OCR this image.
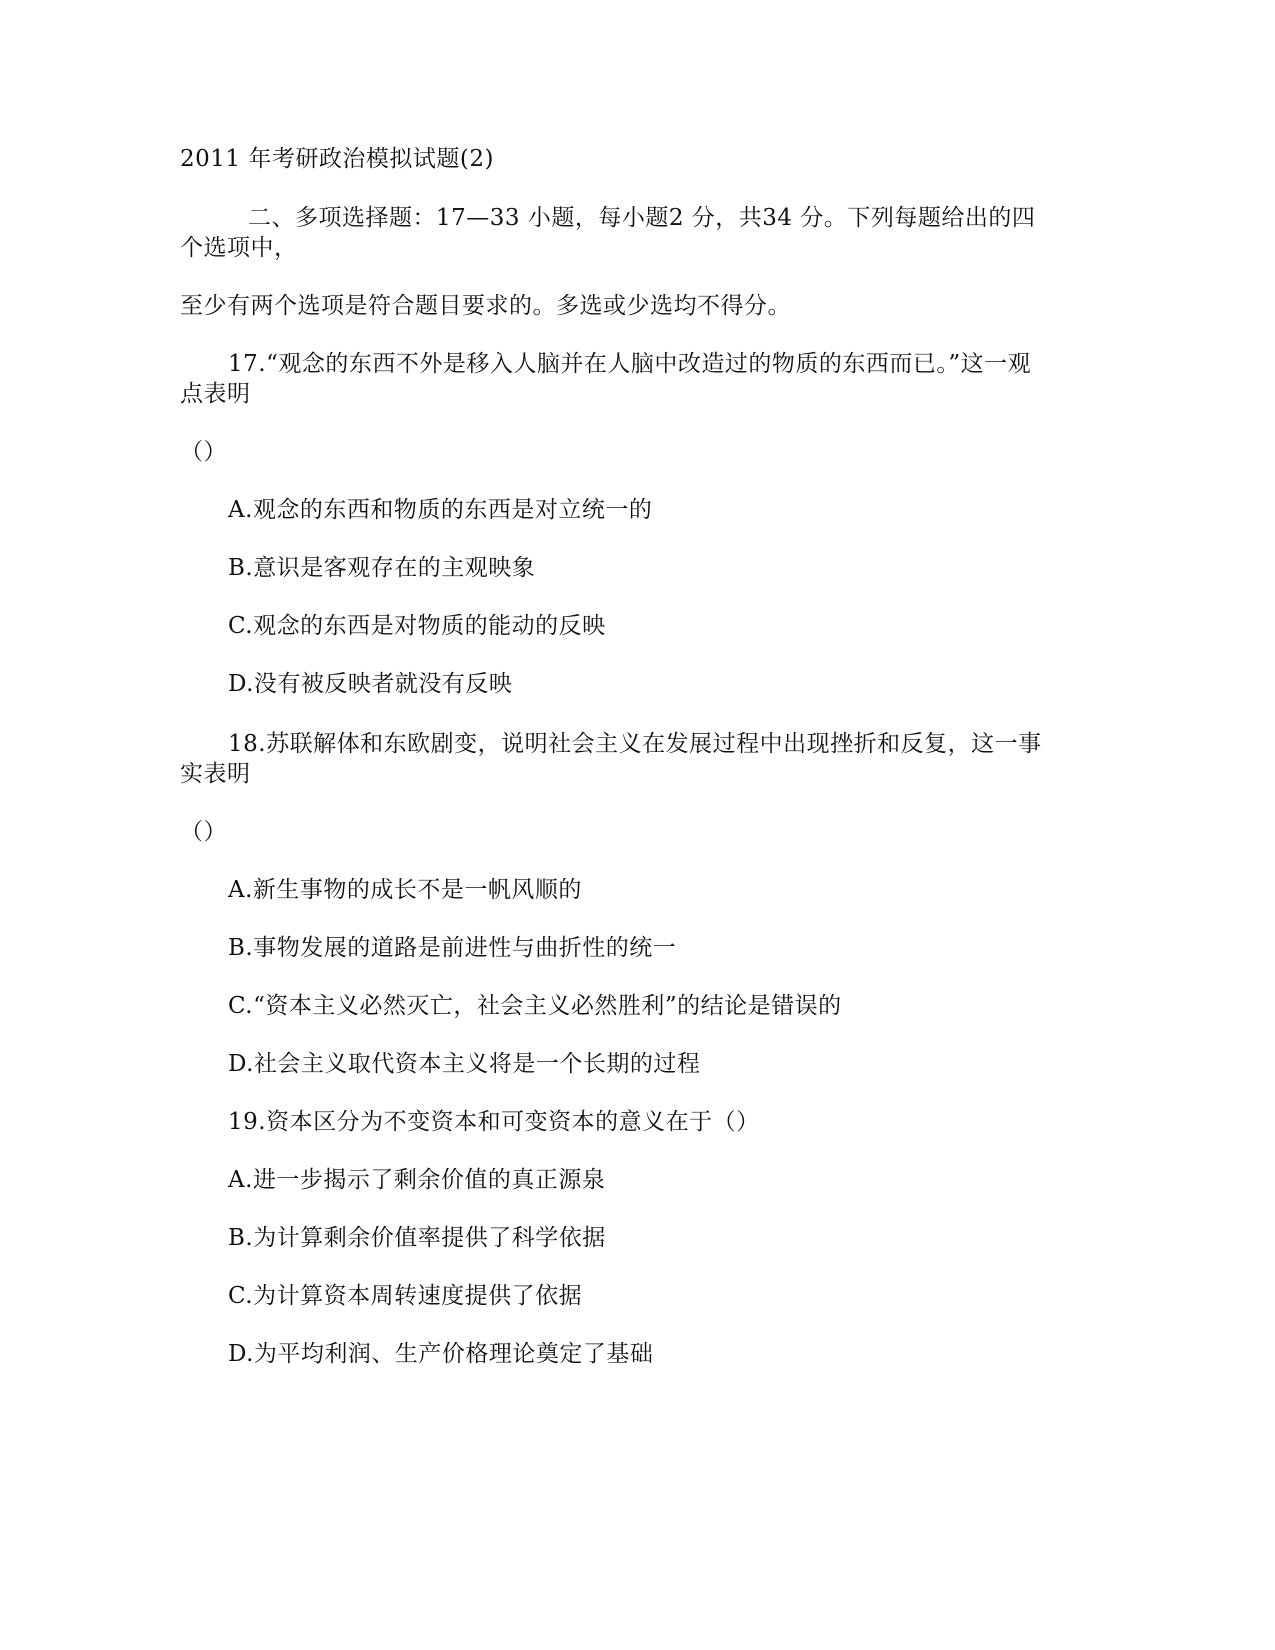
2011 年考研政治模拟试题(2)
二、多项选择题：17—33 小题，每小题2 分，共34 分。下列每题给出的四
个选项中，
至少有两个选项是符合题目要求的。多选或少选均不得分。
17.“观念的东西不外是移入人脑并在人脑中改造过的物质的东西而已。”这一观
点表明
（）
A.观念的东西和物质的东西是对立统一的
B.意识是客观存在的主观映象
C.观念的东西是对物质的能动的反映
D.没有被反映者就没有反映
18.苏联解体和东欧剧变，说明社会主义在发展过程中出现挫折和反复，这一事
实表明
（）
A.新生事物的成长不是一帆风顺的
B.事物发展的道路是前进性与曲折性的统一
C.“资本主义必然灭亡，社会主义必然胜利”的结论是错误的
D.社会主义取代资本主义将是一个长期的过程
19.资本区分为不变资本和可变资本的意义在于（）
A.进一步揭示了剩余价值的真正源泉
B.为计算剩余价值率提供了科学依据
C.为计算资本周转速度提供了依据
D.为平均利润、生产价格理论奠定了基础
